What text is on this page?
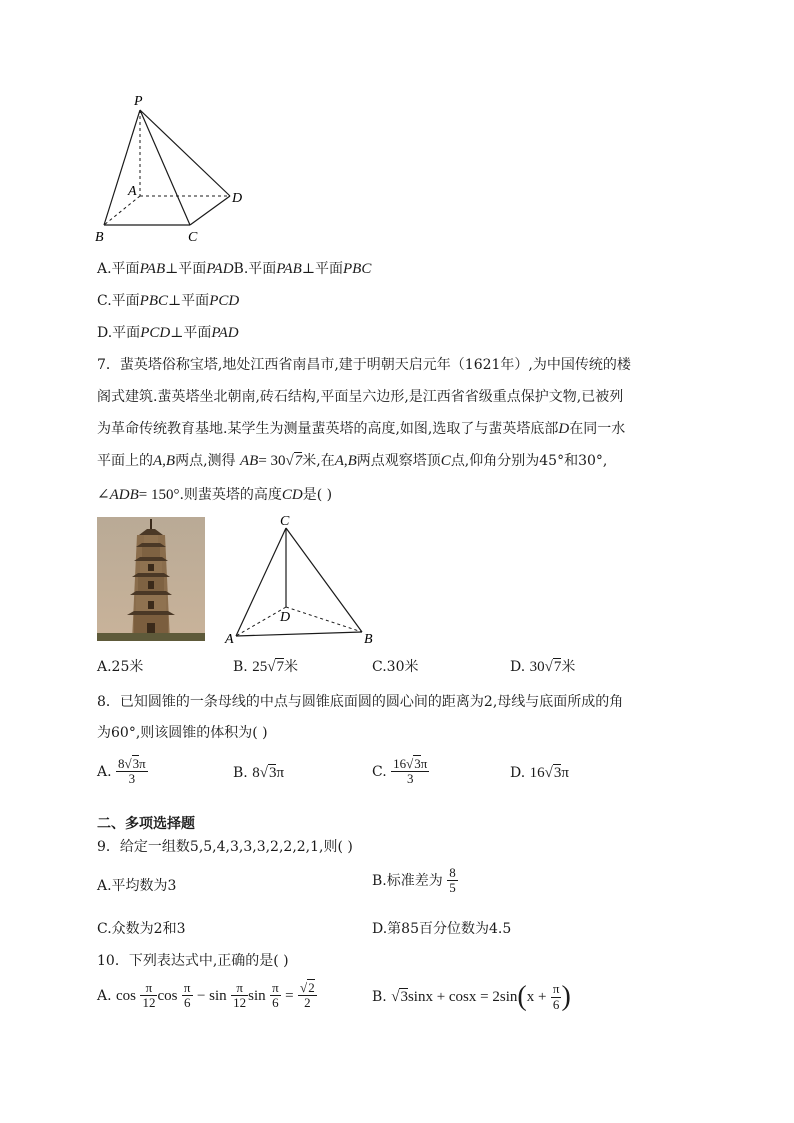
P
A
B	C
D
A.平面PAB⊥平面PADB.平面PAB⊥平面PBC
C.平面PBC⊥平面PCD
D.平面PCD⊥平面PAD
7．蜚英塔俗称宝塔,地处江西省南昌市,建于明朝天启元年（1621年）,为中国传统的楼
阁式建筑.蜚英塔坐北朝南,砖石结构,平面呈六边形,是江西省省级重点保护文物,已被列
为革命传统教育基地.某学生为测量蜚英塔的高度,如图,选取了与蜚英塔底部D在同一水
平面上的A,B两点,测得 AB= 30√7米,在A,B两点观察塔顶C点,仰角分别为45°和30°,
∠ADB= 150°.则蜚英塔的高度CD是( )
C
D
A	B
A.25米	B. 25√7米	C.30米	D. 30√7米
8．已知圆锥的一条母线的中点与圆锥底面圆的圆心间的距离为2,母线与底面所成的角
为60°,则该圆锥的体积为( )
A. $\frac{8√3\pi}{3}$	B. 8√3π	C. $\frac{16√3\pi}{3}$	D. 16√3π
二、多项选择题
9．给定一组数5,5,4,3,3,3,2,2,2,1,则( )
A.平均数为3	B.标准差为 $\frac{8}{5}$
C.众数为2和3	D.第85百分位数为4.5
10．下列表达式中,正确的是( )
A. $\cos \frac{\pi}{12}$ $\cos \frac{\pi}{6} - \sin \frac{\pi}{12}$ $\sin \frac{\pi}{6} = \frac{√2}{2}$	B. $√3\sin x + \cos x = 2\sin(x + \frac{\pi}{6}$ )
